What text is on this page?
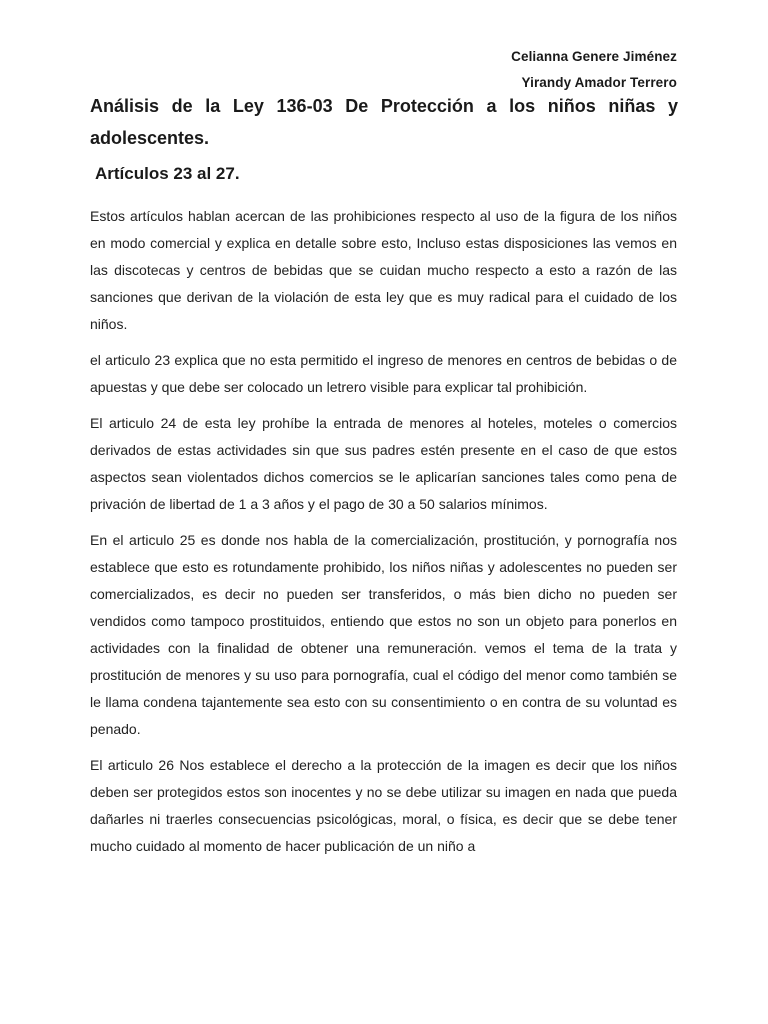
Celianna Genere Jiménez
Yirandy Amador Terrero
Análisis de la Ley 136-03 De Protección a los niños niñas y adolescentes.
Artículos 23 al 27.

Estos artículos hablan acercan de las prohibiciones respecto al uso de la figura de los niños en modo comercial y explica en detalle sobre esto, Incluso estas disposiciones las vemos en las discotecas y centros de bebidas que se cuidan mucho respecto a esto a razón de las sanciones que derivan de la violación de esta ley que es muy radical para el cuidado de los niños.

el articulo 23 explica que no esta permitido el ingreso de menores en centros de bebidas o de apuestas y que debe ser colocado un letrero visible para explicar tal prohibición.

El articulo 24 de esta ley prohíbe la entrada de menores al hoteles, moteles o comercios derivados de estas actividades sin que sus padres estén presente en el caso de que estos aspectos sean violentados dichos comercios se le aplicarían sanciones tales como pena de privación de libertad de 1 a 3 años y el pago de 30 a 50 salarios mínimos.

En el articulo 25 es donde nos habla de la comercialización, prostitución, y pornografía nos establece que esto es rotundamente prohibido, los niños niñas y adolescentes no pueden ser comercializados, es decir no pueden ser transferidos, o más bien dicho no pueden ser vendidos como tampoco prostituidos, entiendo que estos no son un objeto para ponerlos en actividades con la finalidad de obtener una remuneración. vemos el tema de la trata y prostitución de menores y su uso para pornografía, cual el código del menor como también se le llama condena tajantemente sea esto con su consentimiento o en contra de su voluntad es penado.

El articulo 26 Nos establece el derecho a la protección de la imagen es decir que los niños deben ser protegidos estos son inocentes y no se debe utilizar su imagen en nada que pueda dañarles ni traerles consecuencias psicológicas, moral, o física, es decir que se debe tener mucho cuidado al momento de hacer publicación de un niño a
